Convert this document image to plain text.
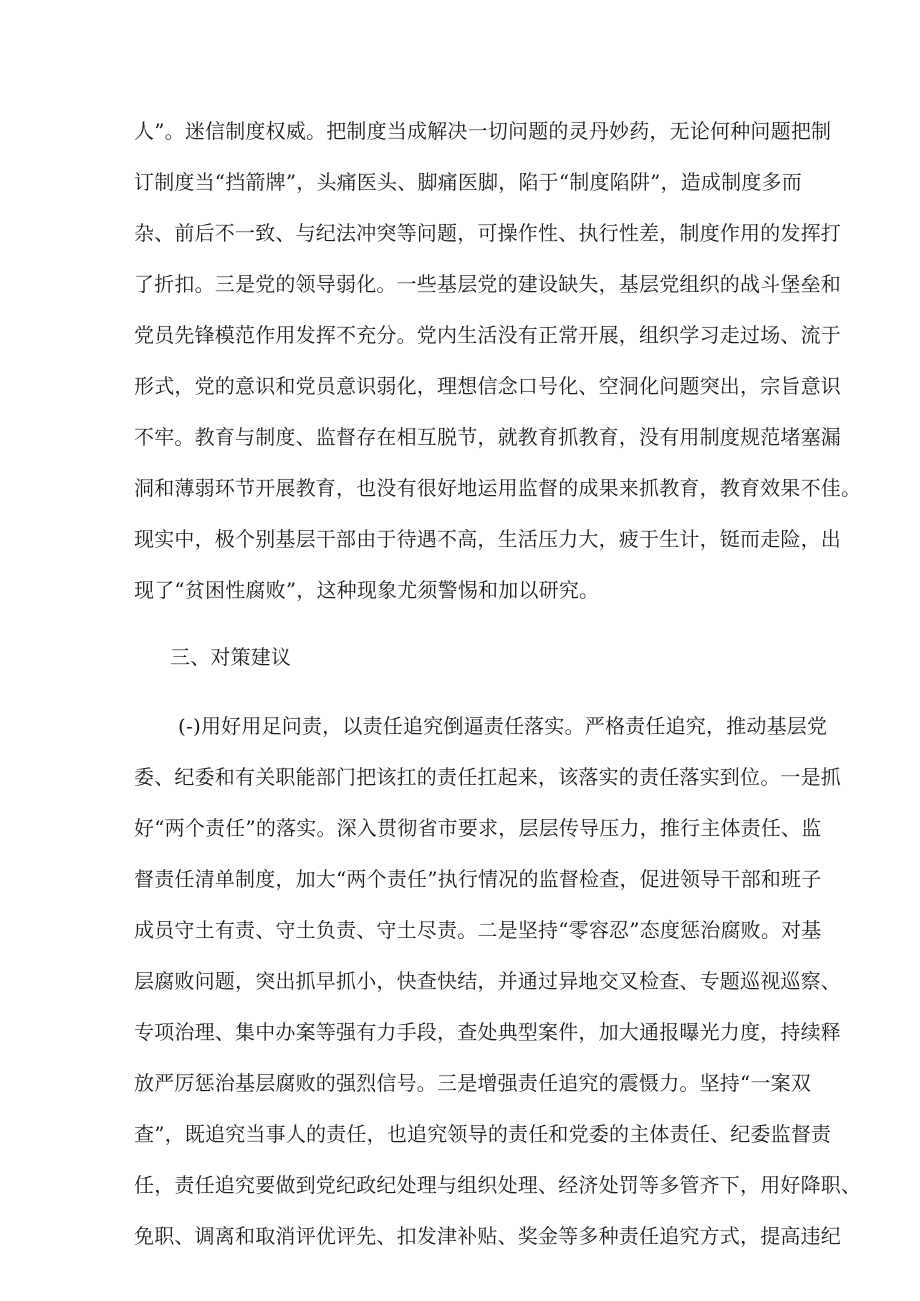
人”。迷信制度权威。把制度当成解决一切问题的灵丹妙药，无论何种问题把制
订制度当“挡箭牌”，头痛医头、脚痛医脚，陷于“制度陷阱”，造成制度多而
杂、前后不一致、与纪法冲突等问题，可操作性、执行性差，制度作用的发挥打
了折扣。三是党的领导弱化。一些基层党的建设缺失，基层党组织的战斗堡垒和
党员先锋模范作用发挥不充分。党内生活没有正常开展，组织学习走过场、流于
形式，党的意识和党员意识弱化，理想信念口号化、空洞化问题突出，宗旨意识
不牢。教育与制度、监督存在相互脱节，就教育抓教育，没有用制度规范堵塞漏
洞和薄弱环节开展教育，也没有很好地运用监督的成果来抓教育，教育效果不佳。
现实中，极个别基层干部由于待遇不高，生活压力大，疲于生计，铤而走险，出
现了“贫困性腐败”，这种现象尤须警惕和加以研究。
三、对策建议
(-)用好用足问责，以责任追究倒逼责任落实。严格责任追究，推动基层党
委、纪委和有关职能部门把该扛的责任扛起来，该落实的责任落实到位。一是抓
好“两个责任”的落实。深入贯彻省市要求，层层传导压力，推行主体责任、监
督责任清单制度，加大“两个责任”执行情况的监督检查，促进领导干部和班子
成员守土有责、守土负责、守土尽责。二是坚持“零容忍”态度惩治腐败。对基
层腐败问题，突出抓早抓小，快查快结，并通过异地交叉检查、专题巡视巡察、
专项治理、集中办案等强有力手段，查处典型案件，加大通报曝光力度，持续释
放严厉惩治基层腐败的强烈信号。三是增强责任追究的震慑力。坚持“一案双
查”，既追究当事人的责任，也追究领导的责任和党委的主体责任、纪委监督责
任，责任追究要做到党纪政纪处理与组织处理、经济处罚等多管齐下，用好降职、
免职、调离和取消评优评先、扣发津补贴、奖金等多种责任追究方式，提高违纪
